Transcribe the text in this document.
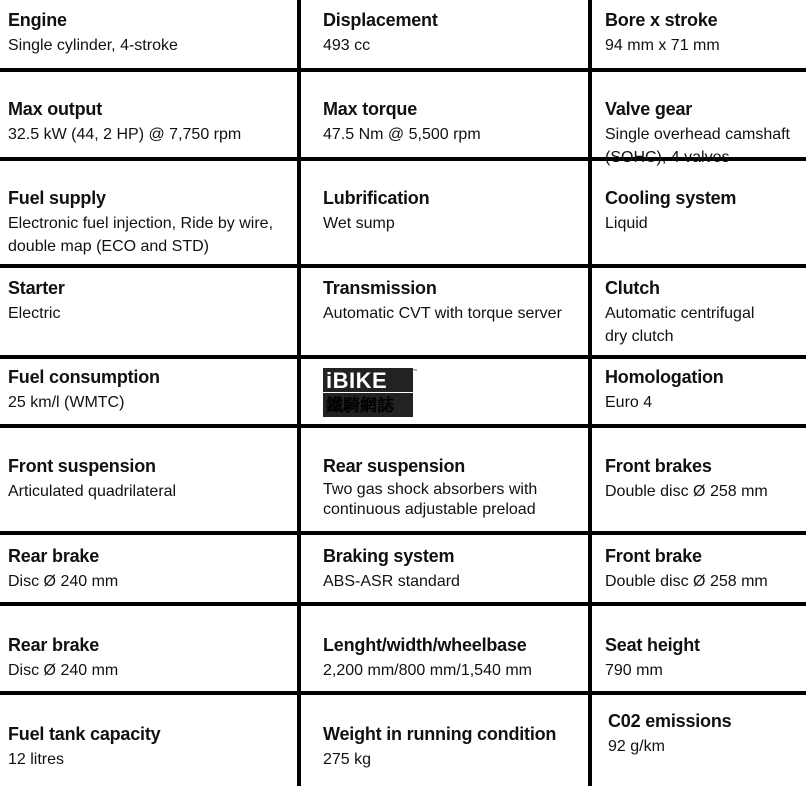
Engine
Single cylinder, 4-stroke
Displacement
493 cc
Bore x stroke
94 mm x 71 mm
Max output
32.5 kW (44, 2 HP) @ 7,750 rpm
Max torque
47.5 Nm @ 5,500 rpm
Valve gear
Single overhead camshaft
(SOHC), 4 valves
Fuel supply
Electronic fuel injection, Ride by wire,
double map (ECO and STD)
Lubrification
Wet sump
Cooling system
Liquid
Starter
Electric
Transmission
Automatic CVT with torque server
Clutch
Automatic centrifugal
dry clutch
Fuel consumption
25 km/l (WMTC)
Homologation
Euro 4
Front suspension
Articulated quadrilateral
Rear suspension
Two gas shock absorbers with
continuous adjustable preload
Front brakes
Double disc Ø 258 mm
Rear brake
Disc Ø 240 mm
Braking system
ABS-ASR standard
Front brake
Double disc Ø 258 mm
Rear brake
Disc Ø 240 mm
Lenght/width/wheelbase
2,200 mm/800 mm/1,540 mm
Seat height
790 mm
Fuel tank capacity
12 litres
Weight in running condition
275 kg
C02 emissions
92 g/km
iBIKE	™
鐵騎網誌
